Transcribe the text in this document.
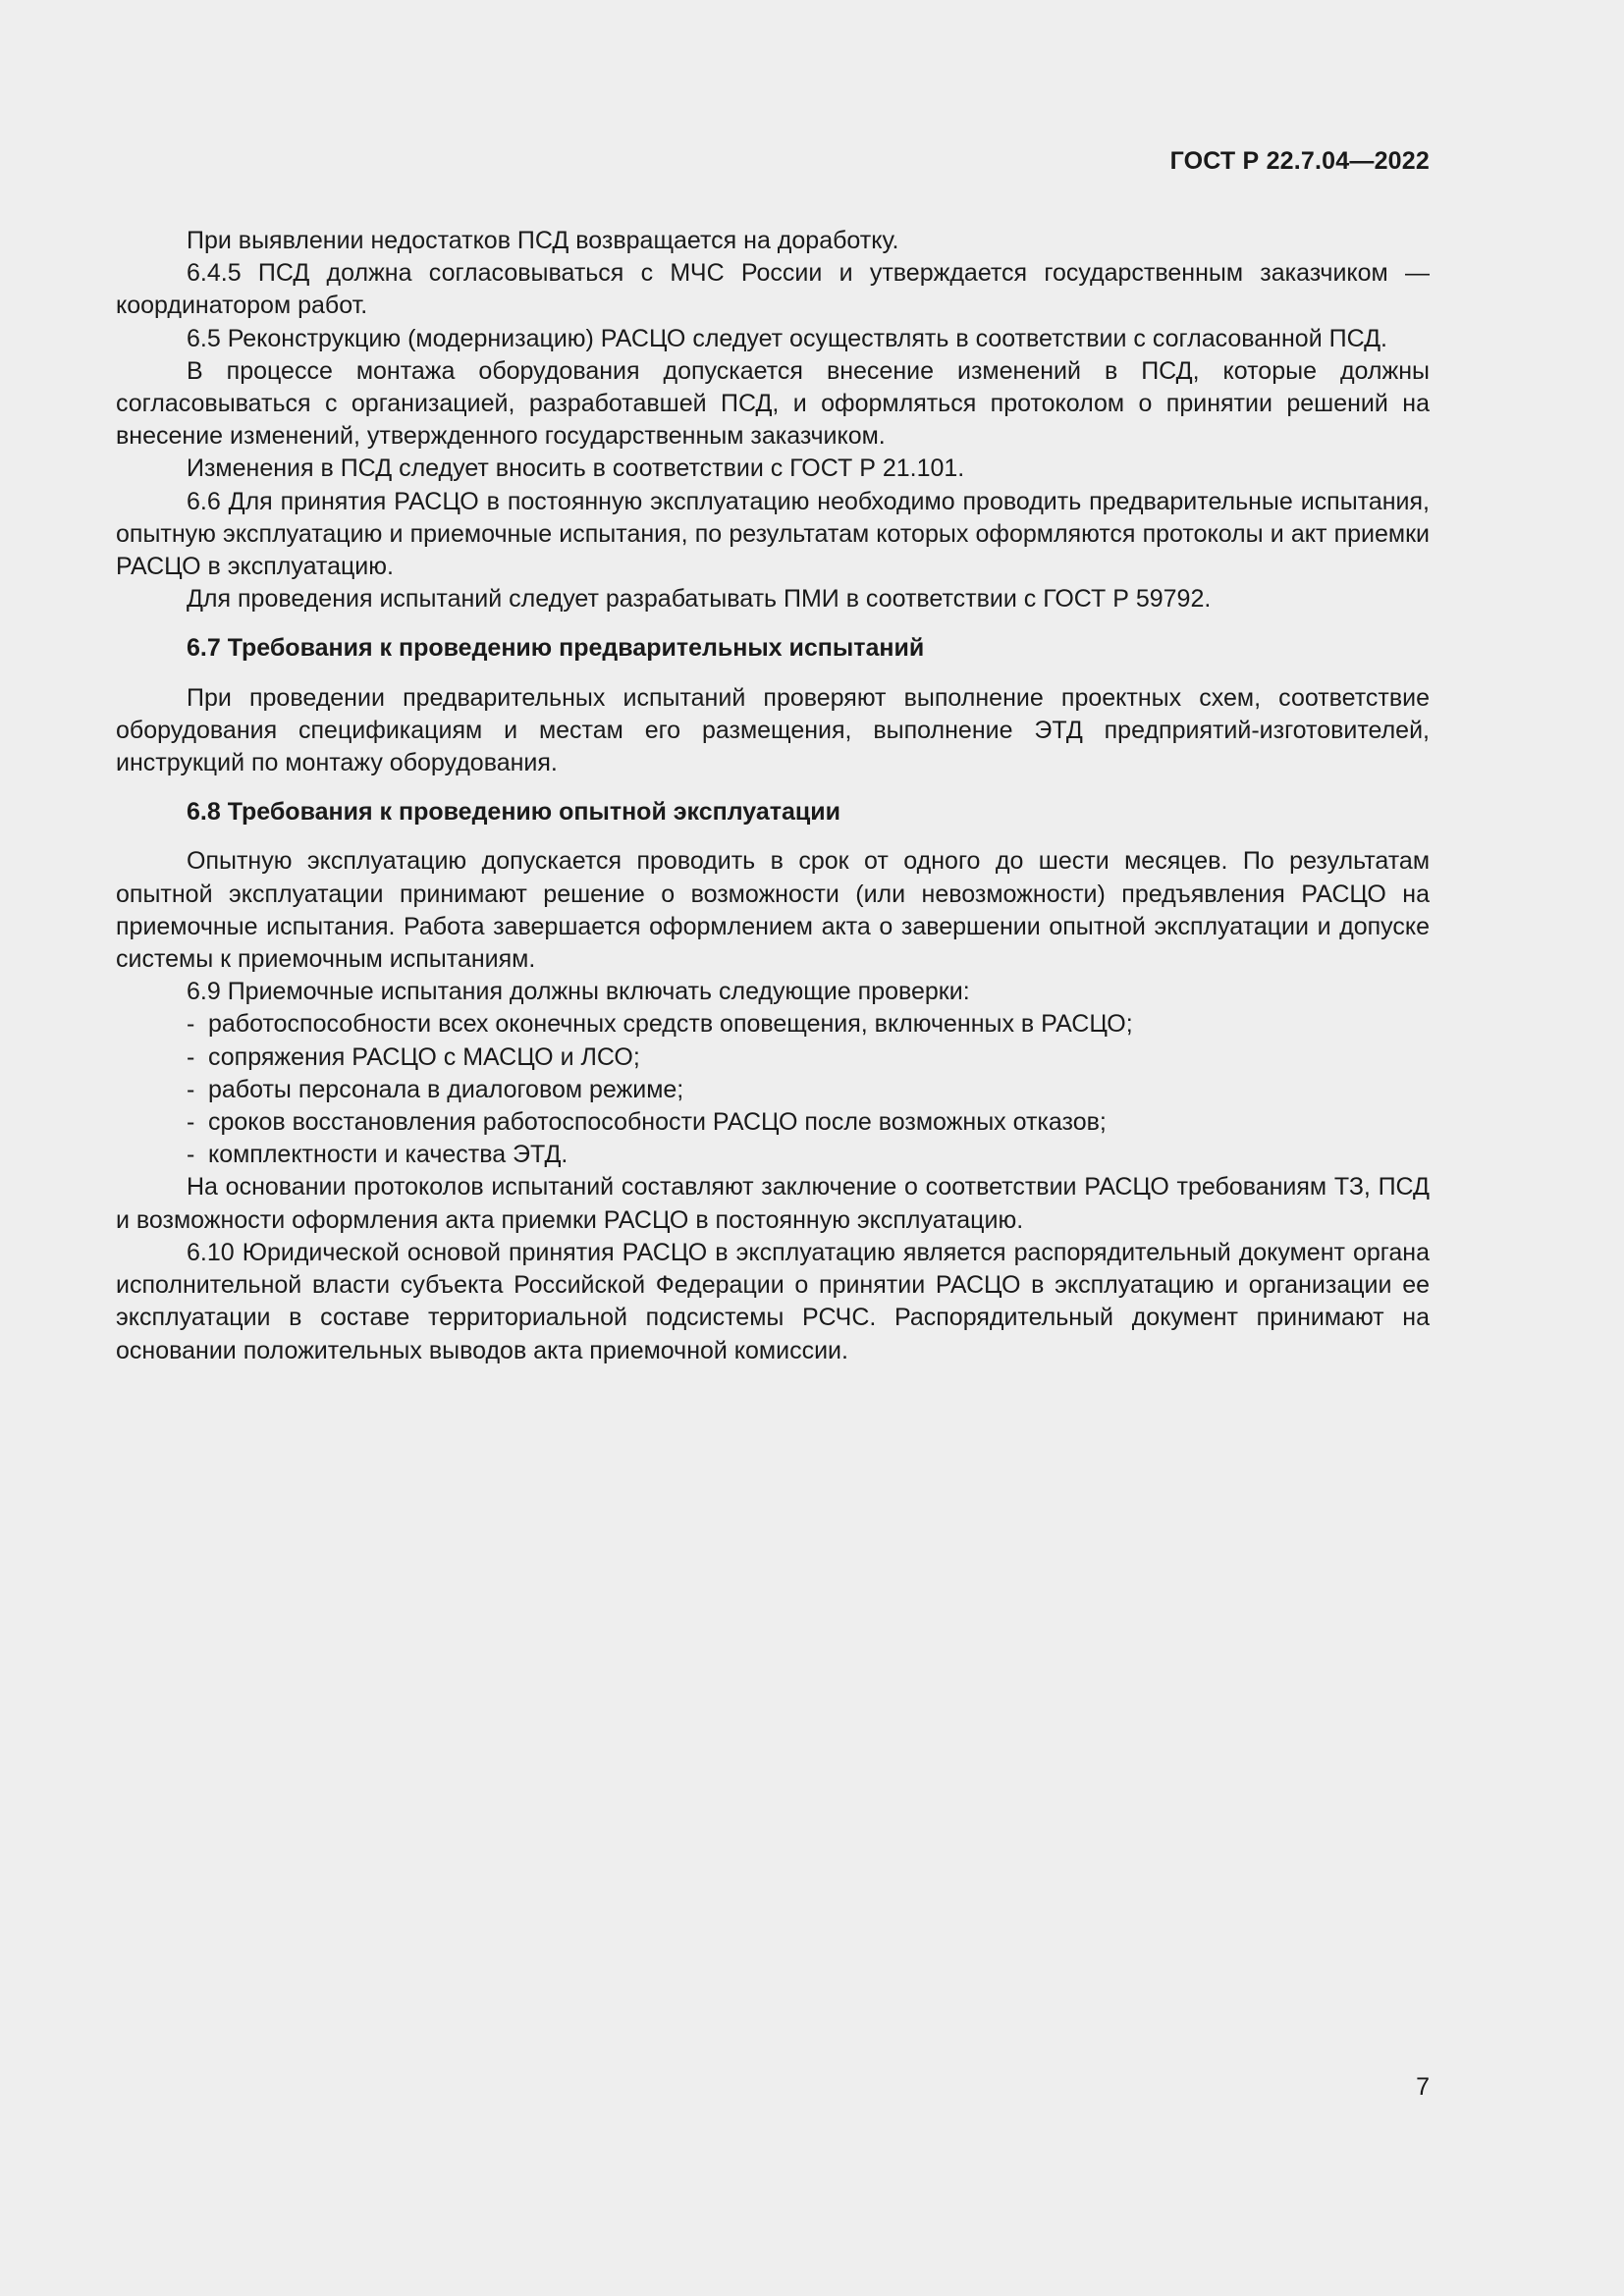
ГОСТ Р 22.7.04—2022

При выявлении недостатков ПСД возвращается на доработку.

6.4.5 ПСД должна согласовываться с МЧС России и утверждается государственным заказчиком — координатором работ.

6.5 Реконструкцию (модернизацию) РАСЦО следует осуществлять в соответствии с согласованной ПСД.

В процессе монтажа оборудования допускается внесение изменений в ПСД, которые должны согласовываться с организацией, разработавшей ПСД, и оформляться протоколом о принятии решений на внесение изменений, утвержденного государственным заказчиком.

Изменения в ПСД следует вносить в соответствии с ГОСТ Р 21.101.

6.6 Для принятия РАСЦО в постоянную эксплуатацию необходимо проводить предварительные испытания, опытную эксплуатацию и приемочные испытания, по результатам которых оформляются протоколы и акт приемки РАСЦО в эксплуатацию.

Для проведения испытаний следует разрабатывать ПМИ в соответствии с ГОСТ Р 59792.

6.7 Требования к проведению предварительных испытаний

При проведении предварительных испытаний проверяют выполнение проектных схем, соответствие оборудования спецификациям и местам его размещения, выполнение ЭТД предприятий-изготовителей, инструкций по монтажу оборудования.

6.8 Требования к проведению опытной эксплуатации

Опытную эксплуатацию допускается проводить в срок от одного до шести месяцев. По результатам опытной эксплуатации принимают решение о возможности (или невозможности) предъявления РАСЦО на приемочные испытания. Работа завершается оформлением акта о завершении опытной эксплуатации и допуске системы к приемочным испытаниям.

6.9 Приемочные испытания должны включать следующие проверки:

- работоспособности всех оконечных средств оповещения, включенных в РАСЦО;

- сопряжения РАСЦО с МАСЦО и ЛСО;

- работы персонала в диалоговом режиме;

- сроков восстановления работоспособности РАСЦО после возможных отказов;

- комплектности и качества ЭТД.

На основании протоколов испытаний составляют заключение о соответствии РАСЦО требованиям ТЗ, ПСД и возможности оформления акта приемки РАСЦО в постоянную эксплуатацию.

6.10 Юридической основой принятия РАСЦО в эксплуатацию является распорядительный документ органа исполнительной власти субъекта Российской Федерации о принятии РАСЦО в эксплуатацию и организации ее эксплуатации в составе территориальной подсистемы РСЧС. Распорядительный документ принимают на основании положительных выводов акта приемочной комиссии.

7
